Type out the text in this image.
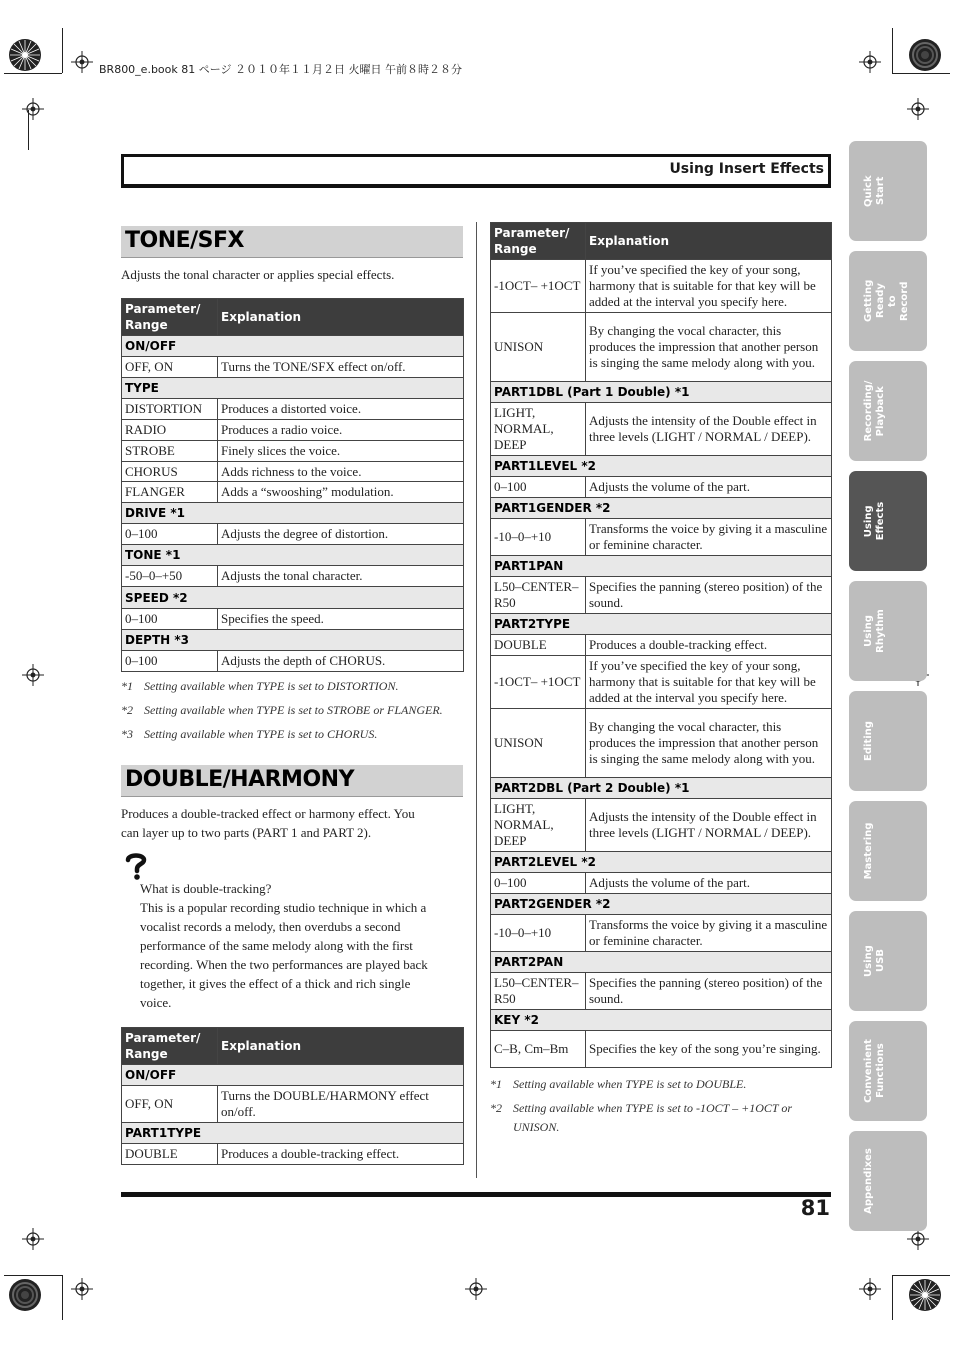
BR800_e.book 81 ページ ２０１０年１１月２日 火曜日 午前８時２８分
Using Insert Effects
Quick Start
Getting Ready
to Record
Recording/
Playback
Using
Effects
Using
Rhythm
Editing
Mastering
Using USB
Convenient
Functions
Appendixes
TONE/SFX
Adjusts the tonal character or applies special effects.
Parameter/ Range	Explanation
ON/OFF	
OFF, ON	Turns the TONE/SFX effect on/off.
TYPE	
DISTORTION	Produces a distorted voice.
RADIO	Produces a radio voice.
STROBE	Finely slices the voice.
CHORUS	Adds richness to the voice.
FLANGER	Adds a “swooshing” modulation.
DRIVE *1	
0–100	Adjusts the degree of distortion.
TONE *1	
-50–0–+50	Adjusts the tonal character.
SPEED *2	
0–100	Specifies the speed.
DEPTH *3	
0–100	Adjusts the depth of CHORUS.
*1 Setting available when TYPE is set to DISTORTION.
*2 Setting available when TYPE is set to STROBE or FLANGER.
*3 Setting available when TYPE is set to CHORUS.
DOUBLE/HARMONY
Produces a double-tracked effect or harmony effect. You
can layer up to two parts (PART 1 and PART 2).
What is double-tracking?
This is a popular recording studio technique in which a
vocalist records a melody, then overdubs a second
performance of the same melody along with the first
recording. When the two performances are played back
together, it gives the effect of a thick and rich single
voice.
Parameter/ Range	Explanation
ON/OFF	
OFF, ON	Turns the DOUBLE/HARMONY effect on/off.
PART1TYPE	
DOUBLE	Produces a double-tracking effect.
Parameter/ Range	Explanation
-1OCT– +1OCT	If you’ve specified the key of your song, harmony that is suitable for that key will be added at the interval you specify here.
UNISON	By changing the vocal character, this produces the impression that another person is singing the same melody along with you.
PART1DBL (Part 1 Double) *1	
LIGHT, NORMAL, DEEP	Adjusts the intensity of the Double effect in three levels (LIGHT / NORMAL / DEEP).
PART1LEVEL *2	
0–100	Adjusts the volume of the part.
PART1GENDER *2	
-10–0–+10	Transforms the voice by giving it a masculine or feminine character.
PART1PAN	
L50–CENTER–R50	Specifies the panning (stereo position) of the sound.
PART2TYPE	
DOUBLE	Produces a double-tracking effect.
-1OCT– +1OCT	If you’ve specified the key of your song, harmony that is suitable for that key will be added at the interval you specify here.
UNISON	By changing the vocal character, this produces the impression that another person is singing the same melody along with you.
PART2DBL (Part 2 Double) *1	
LIGHT, NORMAL, DEEP	Adjusts the intensity of the Double effect in three levels (LIGHT / NORMAL / DEEP).
PART2LEVEL *2	
0–100	Adjusts the volume of the part.
PART2GENDER *2	
-10–0–+10	Transforms the voice by giving it a masculine or feminine character.
PART2PAN	
L50–CENTER–R50	Specifies the panning (stereo position) of the sound.
KEY *2	
C–B, Cm–Bm	Specifies the key of the song you’re singing.
*1 Setting available when TYPE is set to DOUBLE.
*2 Setting available when TYPE is set to -1OCT – +1OCT or
UNISON.
81
